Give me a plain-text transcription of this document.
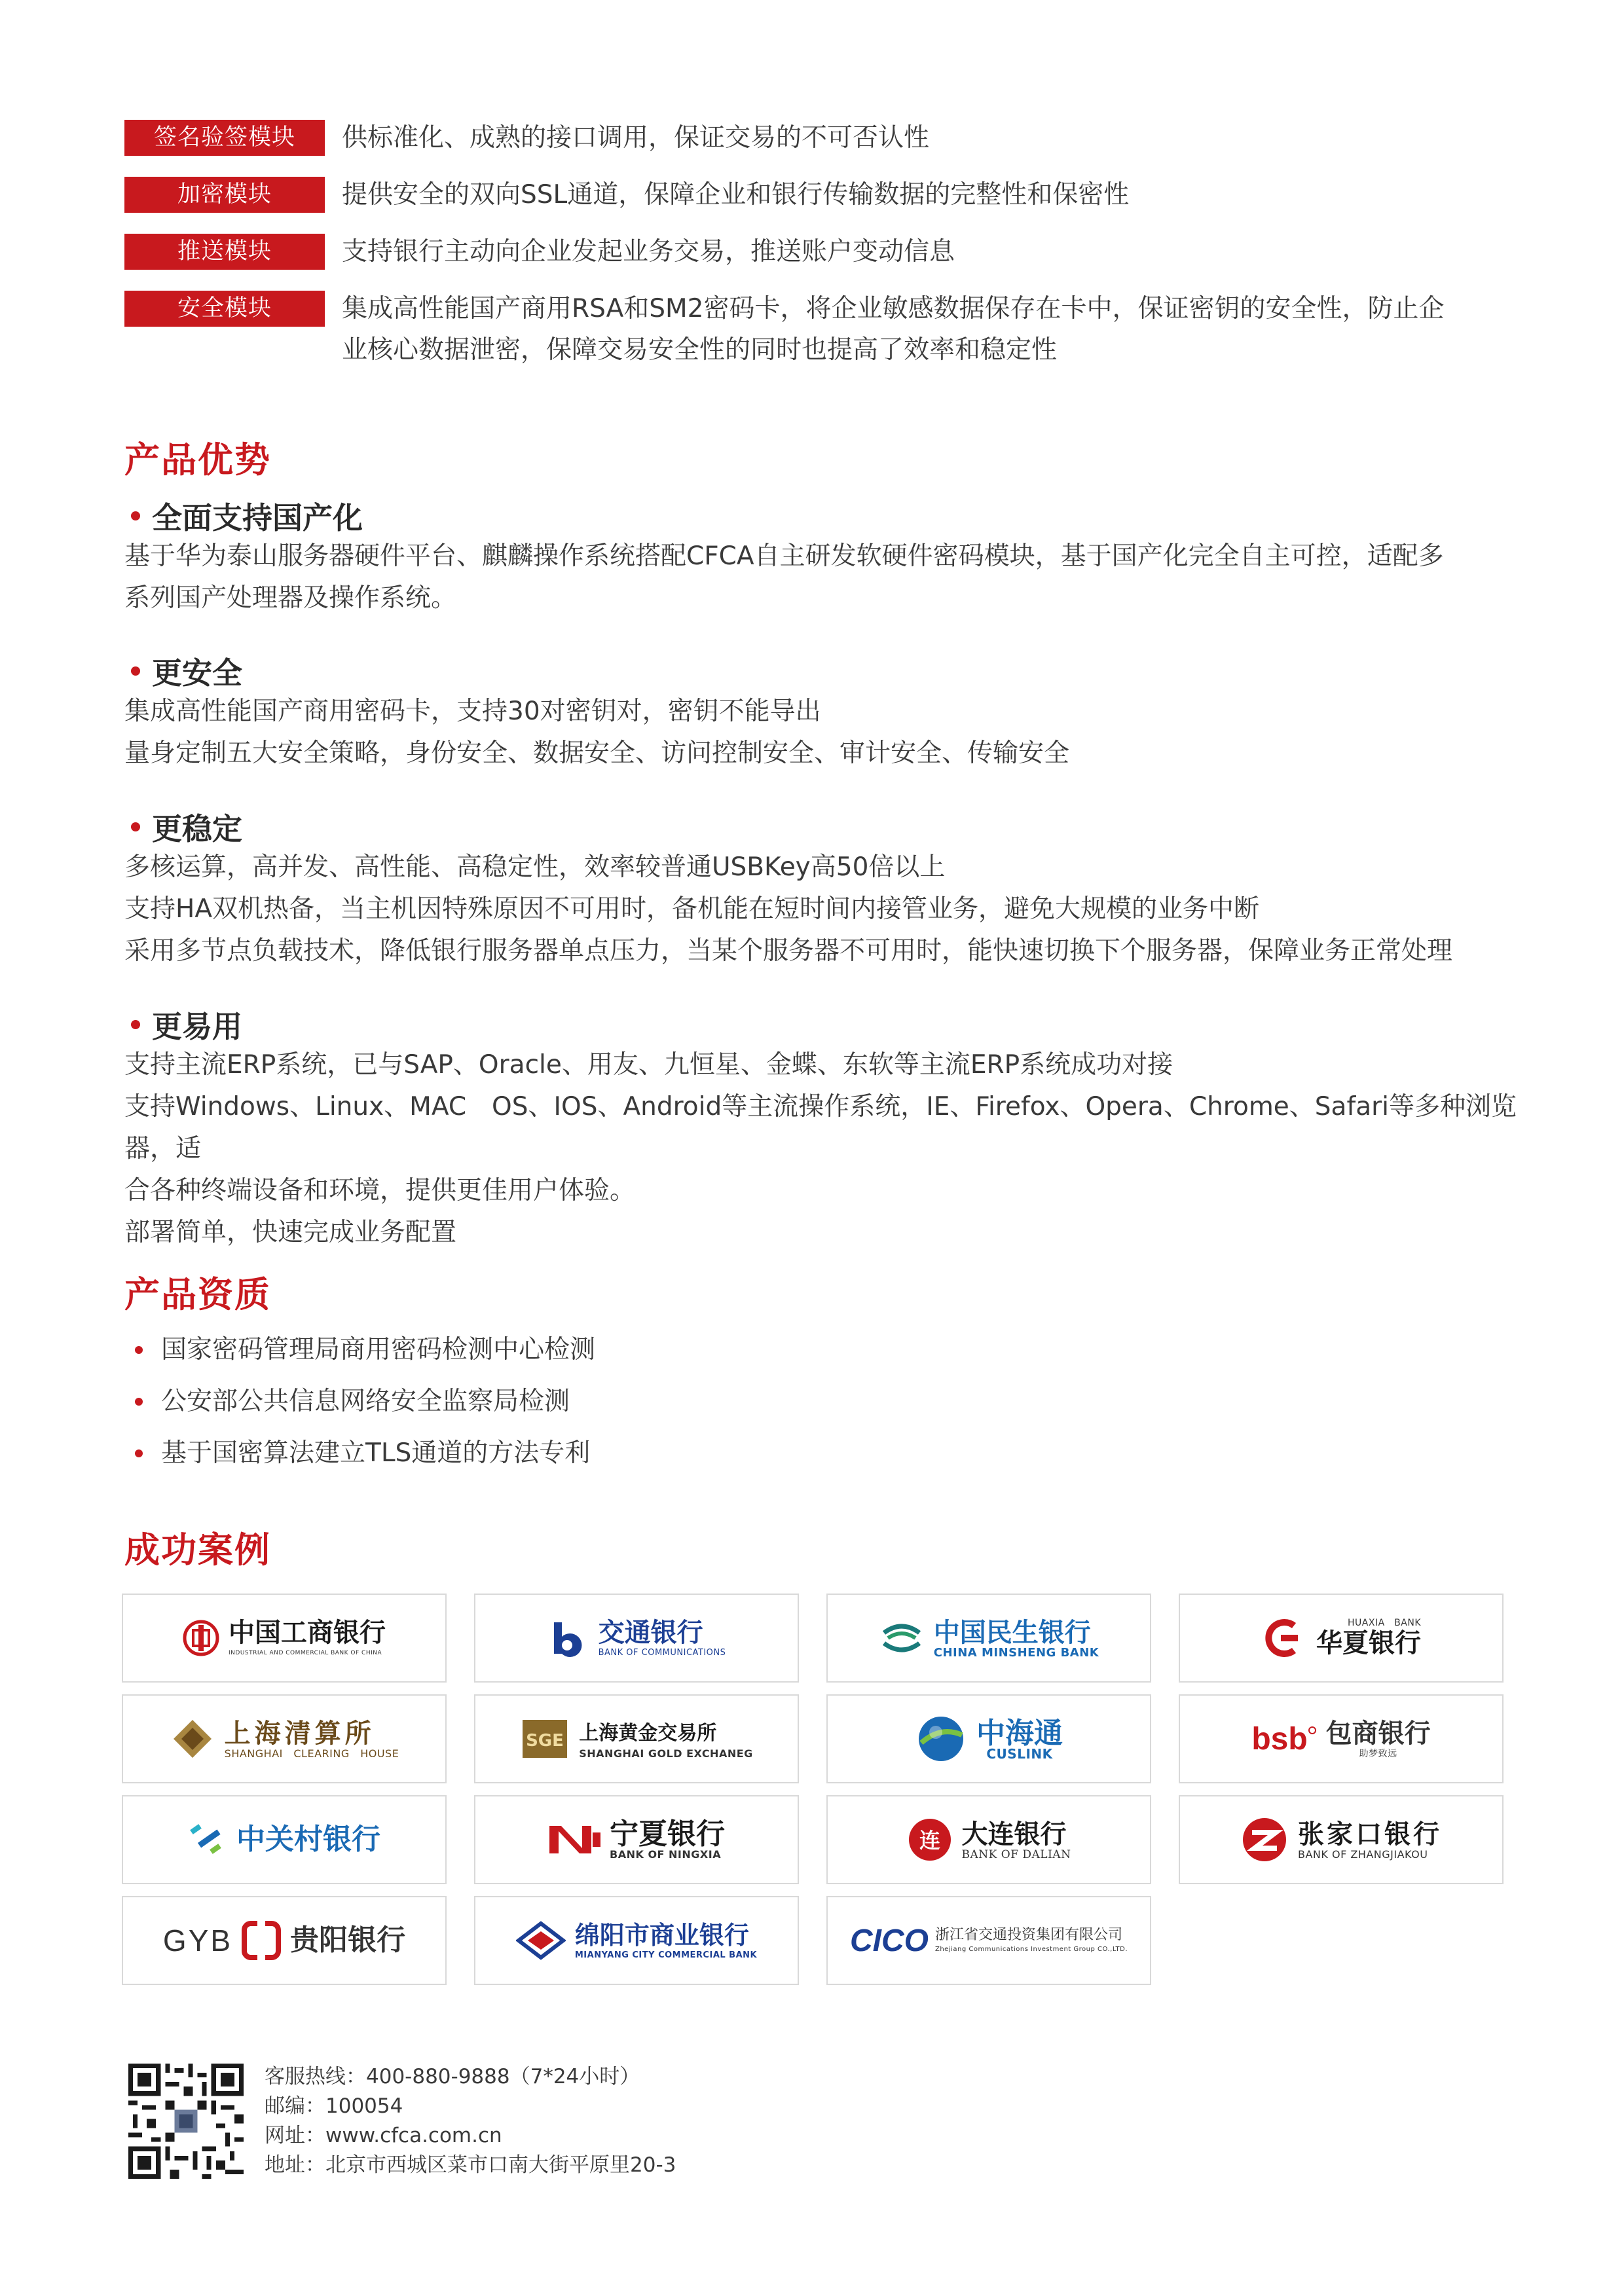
签名验签模块	供标准化、成熟的接口调用，保证交易的不可否认性
加密模块	提供安全的双向SSL通道，保障企业和银行传输数据的完整性和保密性
推送模块	支持银行主动向企业发起业务交易，推送账户变动信息
安全模块	集成高性能国产商用RSA和SM2密码卡，将企业敏感数据保存在卡中，保证密钥的安全性，防止企
业核心数据泄密，保障交易安全性的同时也提高了效率和稳定性
产品优势
全面支持国产化
基于华为泰山服务器硬件平台、麒麟操作系统搭配CFCA自主研发软硬件密码模块，基于国产化完全自主可控，适配多
系列国产处理器及操作系统。
更安全
集成高性能国产商用密码卡，支持30对密钥对，密钥不能导出
量身定制五大安全策略，身份安全、数据安全、访问控制安全、审计安全、传输安全
更稳定
多核运算，高并发、高性能、高稳定性，效率较普通USBKey高50倍以上
支持HA双机热备，当主机因特殊原因不可用时，备机能在短时间内接管业务，避免大规模的业务中断
采用多节点负载技术，降低银行服务器单点压力，当某个服务器不可用时，能快速切换下个服务器，保障业务正常处理
更易用
支持主流ERP系统，已与SAP、Oracle、用友、九恒星、金蝶、东软等主流ERP系统成功对接
支持Windows、Linux、MAC　OS、IOS、Android等主流操作系统，IE、Firefox、Opera、Chrome、Safari等多种浏览器，适
合各种终端设备和环境，提供更佳用户体验。
部署简单，快速完成业务配置
产品资质
国家密码管理局商用密码检测中心检测
公安部公共信息网络安全监察局检测
基于国密算法建立TLS通道的方法专利
成功案例
中国工商银行
INDUSTRIAL AND COMMERCIAL BANK OF CHINA
交通银行
BANK OF COMMUNICATIONS
中国民生银行
CHINA MINSHENG BANK
HUAXIA　BANK
华夏银行
上海清算所
SHANGHAI　CLEARING　HOUSE
SGE 上海黄金交易所
SHANGHAI GOLD EXCHANEG
中海通
CUSLINK	bsb 包商银行
助梦致远
中关村银行	宁夏银行
BANK OF NINGXIA
连 大连银行
BANK OF DALIAN
张家口银行
BANK OF ZHANGJIAKOU
GYB 贵阳银行	绵阳市商业银行
MIANYANG CITY COMMERCIAL BANK	CICO 浙江省交通投资集团有限公司
Zhejiang Communications Investment Group CO.,LTD.
客服热线：400-880-9888（7*24小时）
邮编：100054
网址：www.cfca.com.cn
地址：北京市西城区菜市口南大街平原里20-3
